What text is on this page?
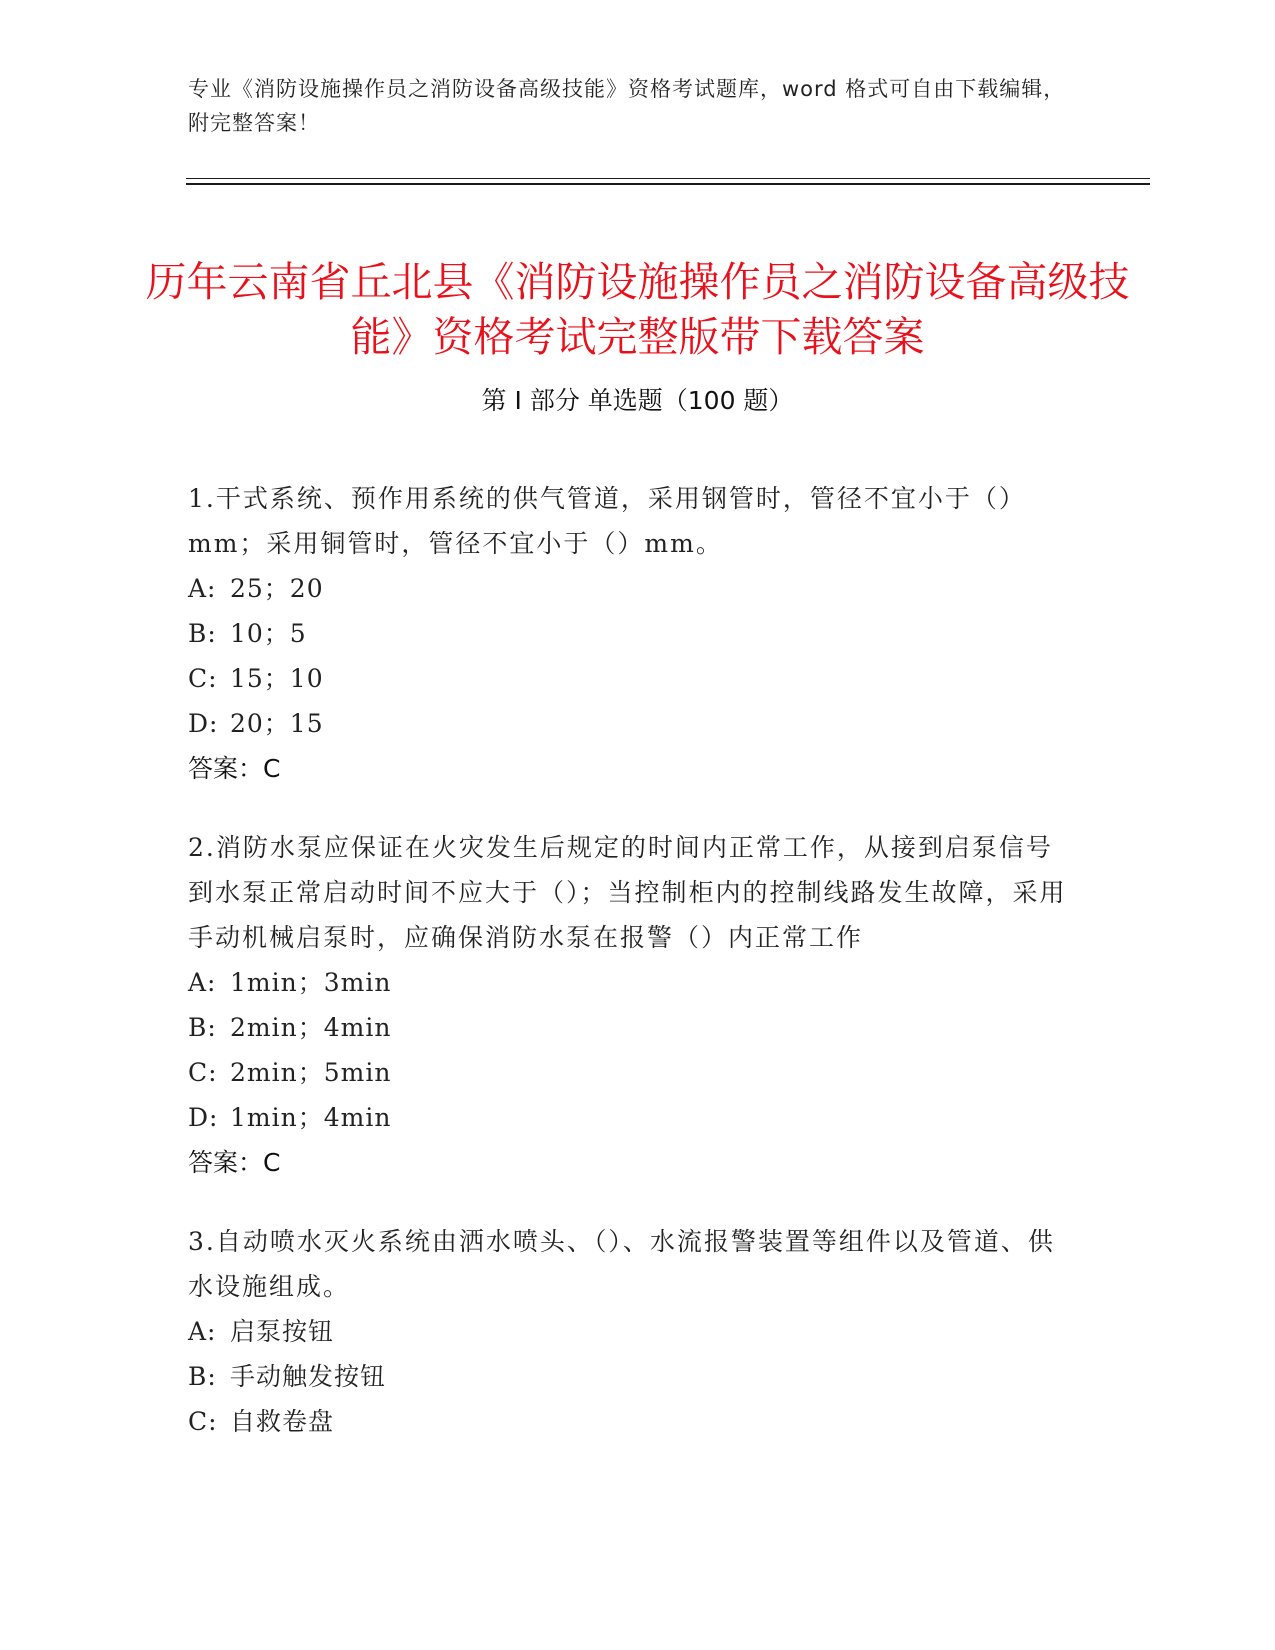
专业《消防设施操作员之消防设备高级技能》资格考试题库，word 格式可自由下载编辑，附完整答案！
历年云南省丘北县《消防设施操作员之消防设备高级技能》资格考试完整版带下载答案
第 I 部分 单选题（100 题）

1.干式系统、预作用系统的供气管道，采用钢管时，管径不宜小于（）mm；采用铜管时，管径不宜小于（）mm。

A: 25；20

B: 10；5

C: 15；10

D: 20；15

答案：C

2.消防水泵应保证在火灾发生后规定的时间内正常工作，从接到启泵信号到水泵正常启动时间不应大于（）；当控制柜内的控制线路发生故障，采用手动机械启泵时，应确保消防水泵在报警（）内正常工作

A: 1min；3min

B: 2min；4min

C: 2min；5min

D: 1min；4min

答案：C

3.自动喷水灭火系统由洒水喷头、（）、水流报警装置等组件以及管道、供水设施组成。

A: 启泵按钮

B: 手动触发按钮

C: 自救卷盘
